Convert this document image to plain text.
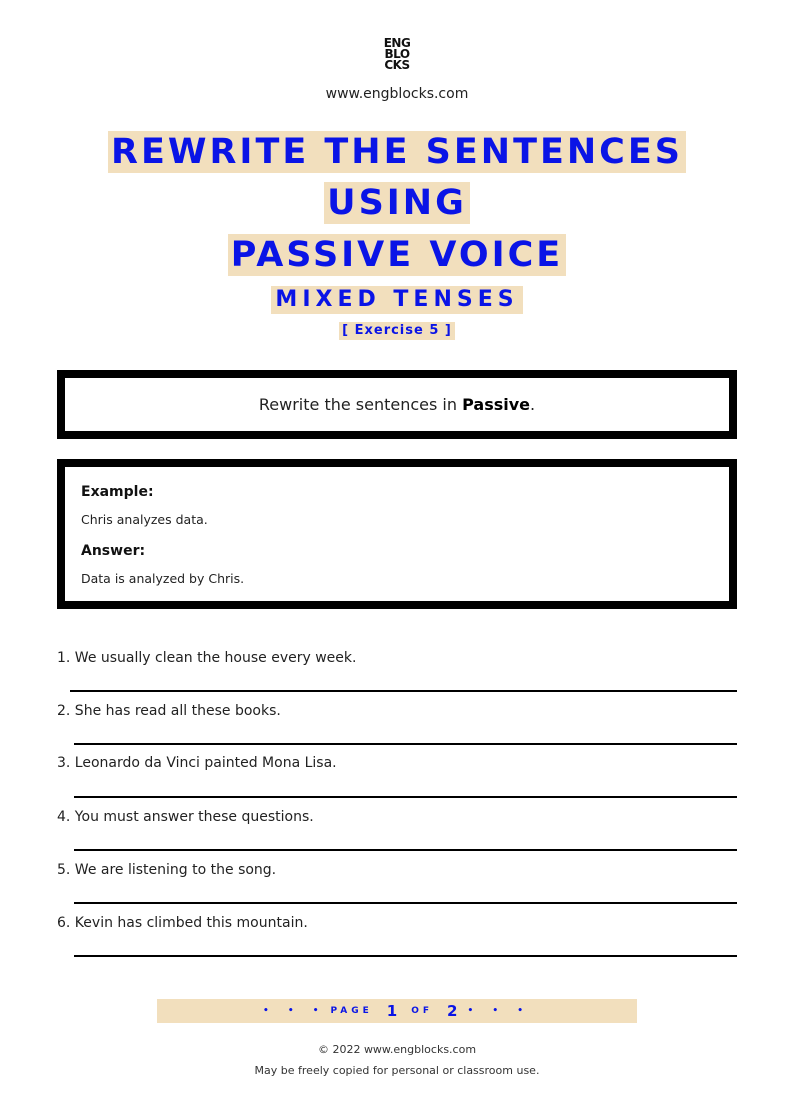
ENG
BLO
CKS
www.engblocks.com
REWRITE THE SENTENCES
USING
PASSIVE VOICE
MIXED TENSES
[ Exercise 5 ]
Rewrite the sentences in Passive.
Example:
Chris analyzes data.
Answer:
Data is analyzed by Chris.
1. We usually clean the house every week.
2. She has read all these books.
3. Leonardo da Vinci painted Mona Lisa.
4. You must answer these questions.
5. We are listening to the song.
6. Kevin has climbed this mountain.
• • • PAGE 1 OF 2 • • •
© 2022 www.engblocks.com
May be freely copied for personal or classroom use.
